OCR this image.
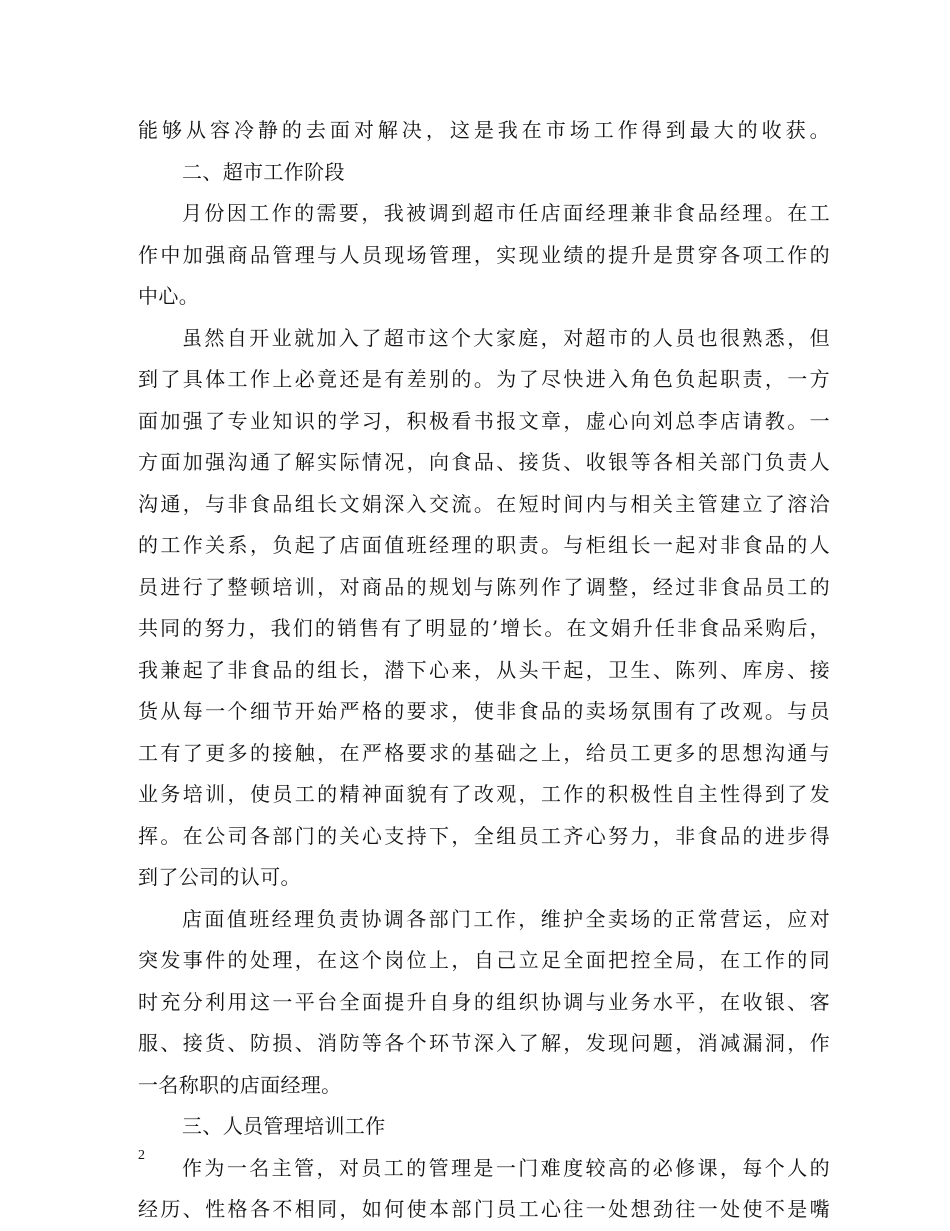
能够从容冷静的去面对解决，这是我在市场工作得到最大的收获。
二、超市工作阶段
月份因工作的需要，我被调到超市任店面经理兼非食品经理。在工
作中加强商品管理与人员现场管理，实现业绩的提升是贯穿各项工作的
中心。
虽然自开业就加入了超市这个大家庭，对超市的人员也很熟悉，但
到了具体工作上必竟还是有差别的。为了尽快进入角色负起职责，一方
面加强了专业知识的学习，积极看书报文章，虚心向刘总李店请教。一
方面加强沟通了解实际情况，向食品、接货、收银等各相关部门负责人
沟通，与非食品组长文娟深入交流。在短时间内与相关主管建立了溶洽
的工作关系，负起了店面值班经理的职责。与柜组长一起对非食品的人
员进行了整顿培训，对商品的规划与陈列作了调整，经过非食品员工的
共同的努力，我们的销售有了明显的’增长。在文娟升任非食品采购后，
我兼起了非食品的组长，潜下心来，从头干起，卫生、陈列、库房、接
货从每一个细节开始严格的要求，使非食品的卖场氛围有了改观。与员
工有了更多的接触，在严格要求的基础之上，给员工更多的思想沟通与
业务培训，使员工的精神面貌有了改观，工作的积极性自主性得到了发
挥。在公司各部门的关心支持下，全组员工齐心努力，非食品的进步得
到了公司的认可。
店面值班经理负责协调各部门工作，维护全卖场的正常营运，应对
突发事件的处理，在这个岗位上，自己立足全面把控全局，在工作的同
时充分利用这一平台全面提升自身的组织协调与业务水平，在收银、客
服、接货、防损、消防等各个环节深入了解，发现问题，消减漏洞，作
一名称职的店面经理。
三、人员管理培训工作
作为一名主管，对员工的管理是一门难度较高的必修课，每个人的
经历、性格各不相同，如何使本部门员工心往一处想劲往一处使不是嘴
2
